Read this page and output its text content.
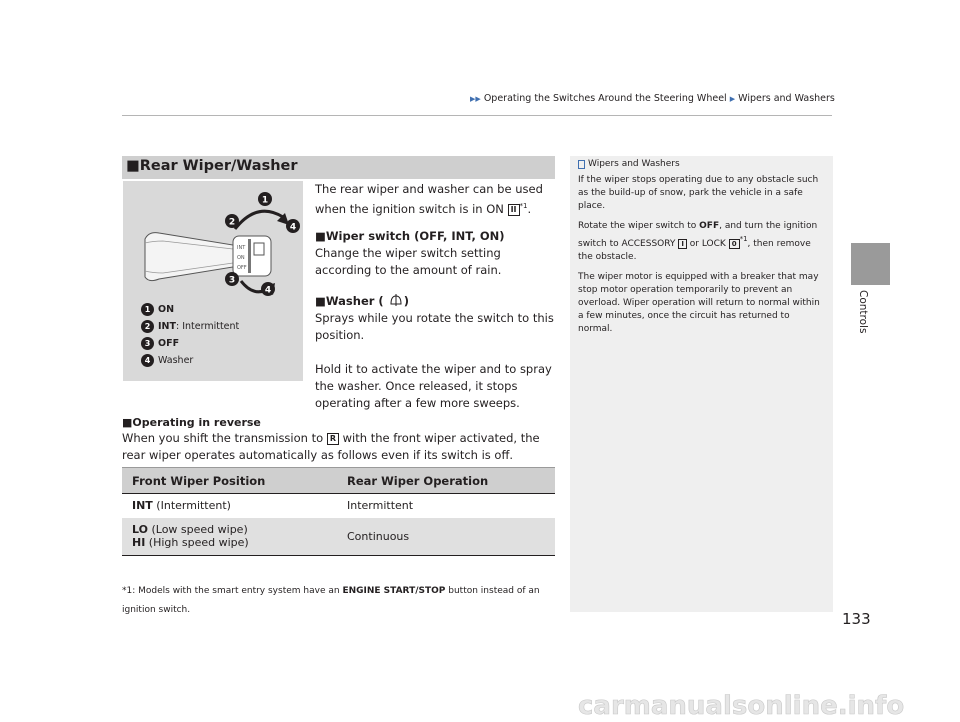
▶▶ Operating the Switches Around the Steering Wheel ▶ Wipers and Washers
Controls
■Rear Wiper/Washer
INT
ON
OFF
1
2	4
3
4
1 ON
2 INT : Intermittent
3 OFF
4 Washer
The rear wiper and washer can be used when the ignition switch is in ON II $^{*1}$.
■Wiper switch (OFF, INT, ON)
Change the wiper switch setting according to the amount of rain.
■Washer ( )
Sprays while you rotate the switch to this position.
Hold it to activate the wiper and to spray the washer. Once released, it stops operating after a few more sweeps.
■Operating in reverse
When you shift the transmission to R with the front wiper activated, the rear wiper operates automatically as follows even if its switch is off.
Front Wiper Position	Rear Wiper Operation
INT (Intermittent)	Intermittent
LO (Low speed wipe)
HI (High speed wipe)	Continuous
*1: Models with the smart entry system have an ENGINE START/STOP button instead of an ignition switch.
Wipers and Washers

If the wiper stops operating due to any obstacle such as the build-up of snow, park the vehicle in a safe place.

Rotate the wiper switch to OFF, and turn the ignition switch to ACCESSORY I or LOCK 0$^{*1}$, then remove the obstacle.

The wiper motor is equipped with a breaker that may stop motor operation temporarily to prevent an overload. Wiper operation will return to normal within a few minutes, once the circuit has returned to normal.

133
carmanualsonline.info
